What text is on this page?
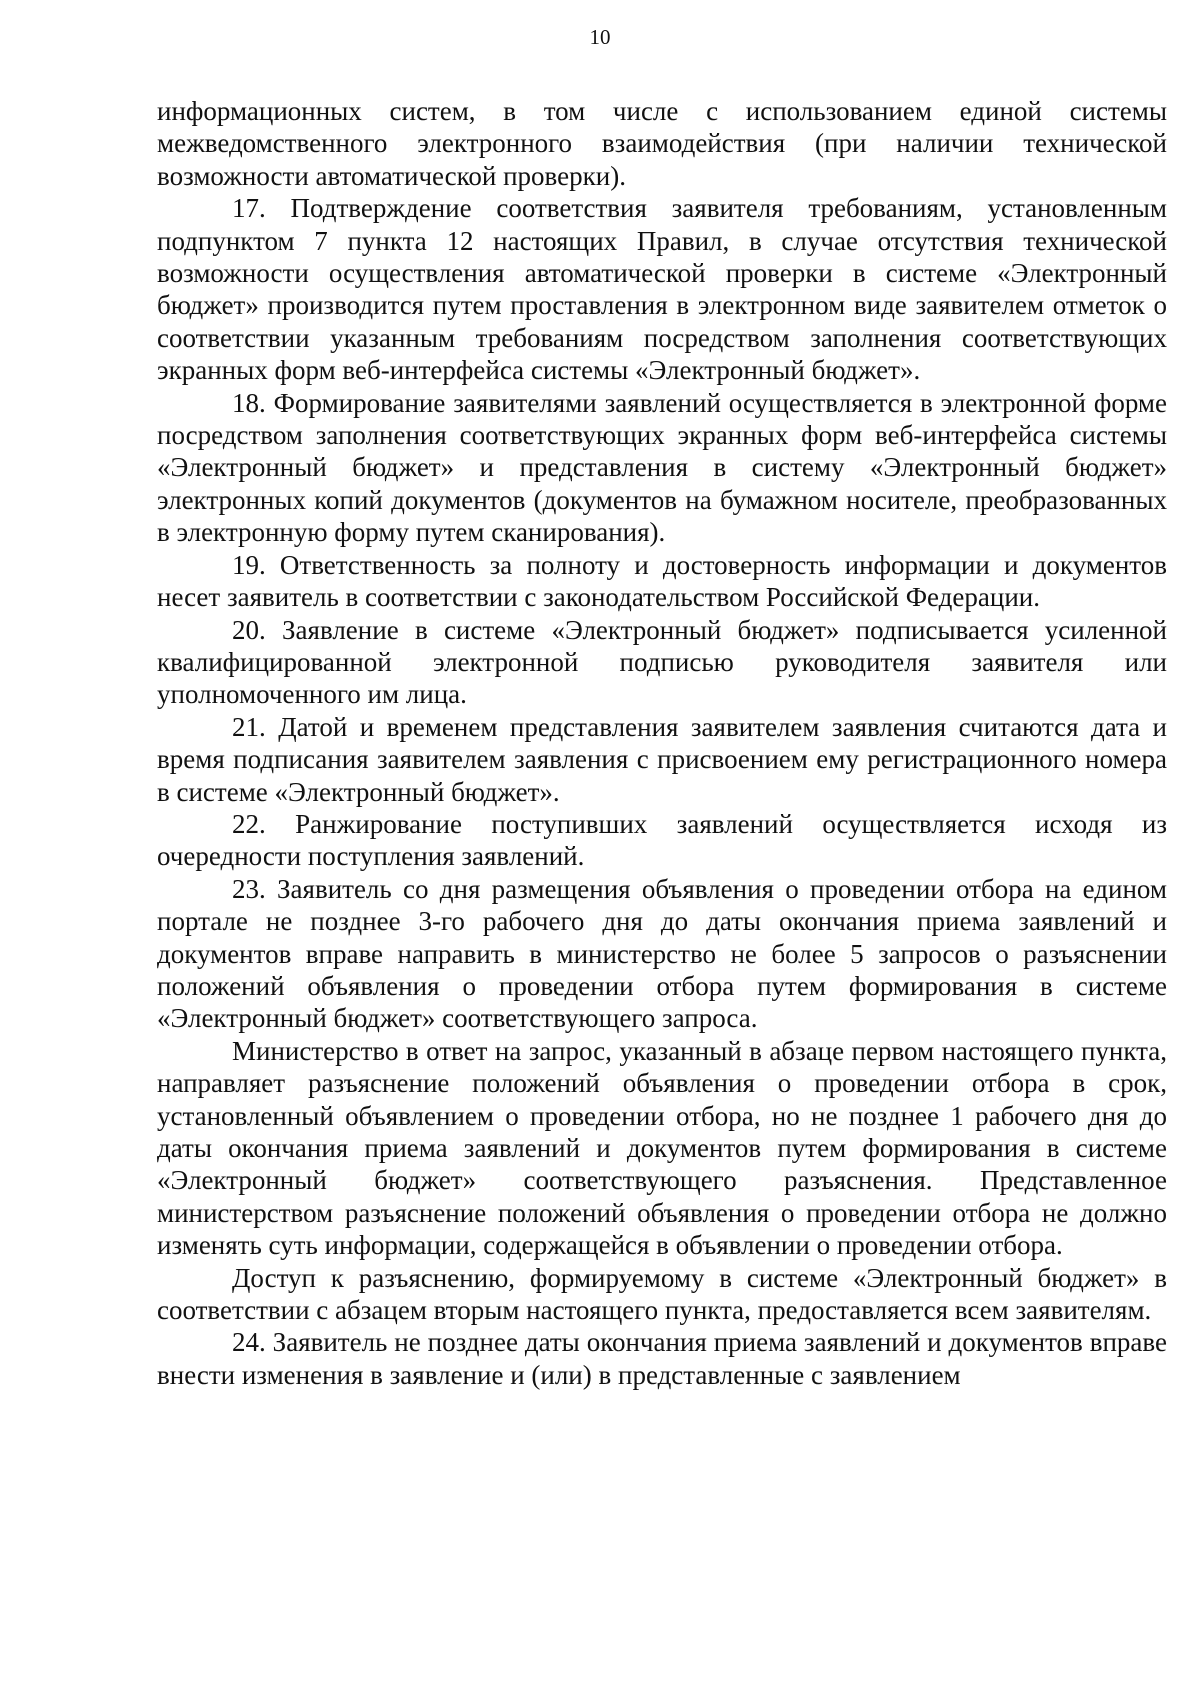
10

информационных систем, в том числе с использованием единой системы межведомственного электронного взаимодействия (при наличии технической возможности автоматической проверки).

17. Подтверждение соответствия заявителя требованиям, установленным подпунктом 7 пункта 12 настоящих Правил, в случае отсутствия технической возможности осуществления автоматической проверки в системе «Электронный бюджет» производится путем проставления в электронном виде заявителем отметок о соответствии указанным требованиям посредством заполнения соответствующих экранных форм веб-интерфейса системы «Электронный бюджет».

18. Формирование заявителями заявлений осуществляется в электронной форме посредством заполнения соответствующих экранных форм веб-интерфейса системы «Электронный бюджет» и представления в систему «Электронный бюджет» электронных копий документов (документов на бумажном носителе, преобразованных в электронную форму путем сканирования).

19. Ответственность за полноту и достоверность информации и документов несет заявитель в соответствии с законодательством Российской Федерации.

20. Заявление в системе «Электронный бюджет» подписывается усиленной квалифицированной электронной подписью руководителя заявителя или уполномоченного им лица.

21. Датой и временем представления заявителем заявления считаются дата и время подписания заявителем заявления с присвоением ему регистрационного номера в системе «Электронный бюджет».

22. Ранжирование поступивших заявлений осуществляется исходя из очередности поступления заявлений.

23. Заявитель со дня размещения объявления о проведении отбора на едином портале не позднее 3-го рабочего дня до даты окончания приема заявлений и документов вправе направить в министерство не более 5 запросов о разъяснении положений объявления о проведении отбора путем формирования в системе «Электронный бюджет» соответствующего запроса.

Министерство в ответ на запрос, указанный в абзаце первом настоящего пункта, направляет разъяснение положений объявления о проведении отбора в срок, установленный объявлением о проведении отбора, но не позднее 1 рабочего дня до даты окончания приема заявлений и документов путем формирования в системе «Электронный бюджет» соответствующего разъяснения. Представленное министерством разъяснение положений объявления о проведении отбора не должно изменять суть информации, содержащейся в объявлении о проведении отбора.

Доступ к разъяснению, формируемому в системе «Электронный бюджет» в соответствии с абзацем вторым настоящего пункта, предоставляется всем заявителям.

24. Заявитель не позднее даты окончания приема заявлений и документов вправе внести изменения в заявление и (или) в представленные с заявлением
